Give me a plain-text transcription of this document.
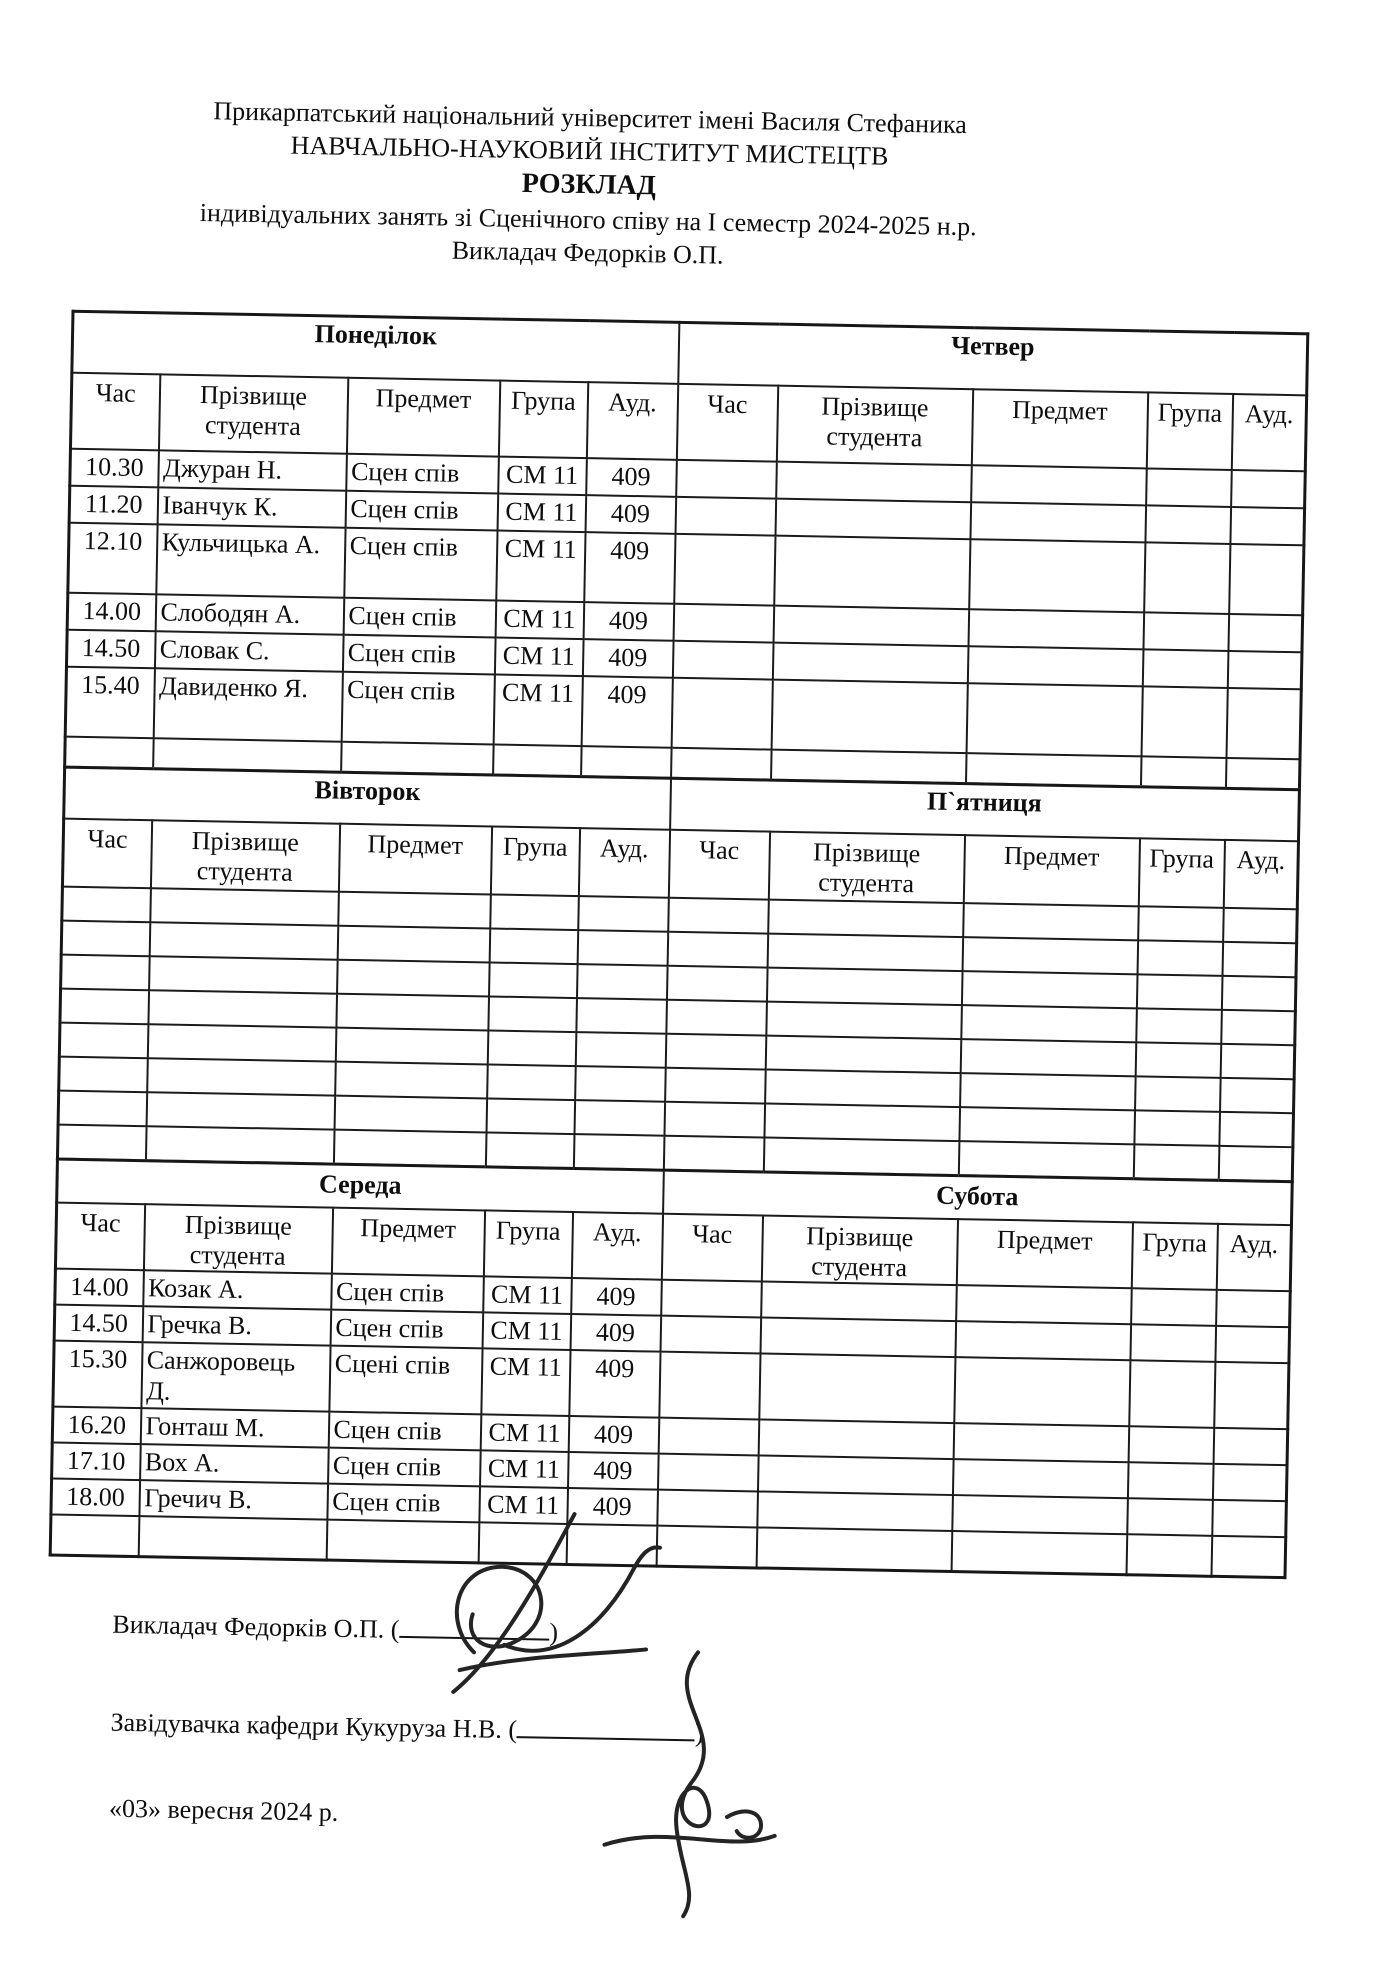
Прикарпатський національний університет імені Василя Стефаника
НАВЧАЛЬНО-НАУКОВИЙ ІНСТИТУТ МИСТЕЦТВ
РОЗКЛАД
індивідуальних занять зі Сценічного співу на І семестр 2024-2025 н.р.
Викладач Федорків О.П.
Понеділок					Четвер				
Час	Прізвище студента	Предмет	Група	Ауд.	Час	Прізвище студента	Предмет	Група	Ауд.
10.30	Джуран Н.	Сцен спів	СМ 11	409					
11.20	Іванчук К.	Сцен спів	СМ 11	409					
12.10	Кульчицька А.	Сцен спів	СМ 11	409					
14.00	Слободян А.	Сцен спів	СМ 11	409					
14.50	Словак С.	Сцен спів	СМ 11	409					
15.40	Давиденко Я.	Сцен спів	СМ 11	409					

Вівторок					П`ятниця				
Час	Прізвище студента	Предмет	Група	Ауд.	Час	Прізвище студента	Предмет	Група	Ауд.

Середа					Субота				
Час	Прізвище студента	Предмет	Група	Ауд.	Час	Прізвище студента	Предмет	Група	Ауд.
14.00	Козак А.	Сцен спів	СМ 11	409					
14.50	Гречка В.	Сцен спів	СМ 11	409					
15.30	Санжоровець Д.	Сцені спів	СМ 11	409					
16.20	Гонташ М.	Сцен спів	СМ 11	409					
17.10	Вох А.	Сцен спів	СМ 11	409					
18.00	Гречич В.	Сцен спів	СМ 11	409					

Викладач Федорків О.П. (	)
Завідувачка кафедри Кукуруза Н.В. (	)
«03» вересня 2024 р.
